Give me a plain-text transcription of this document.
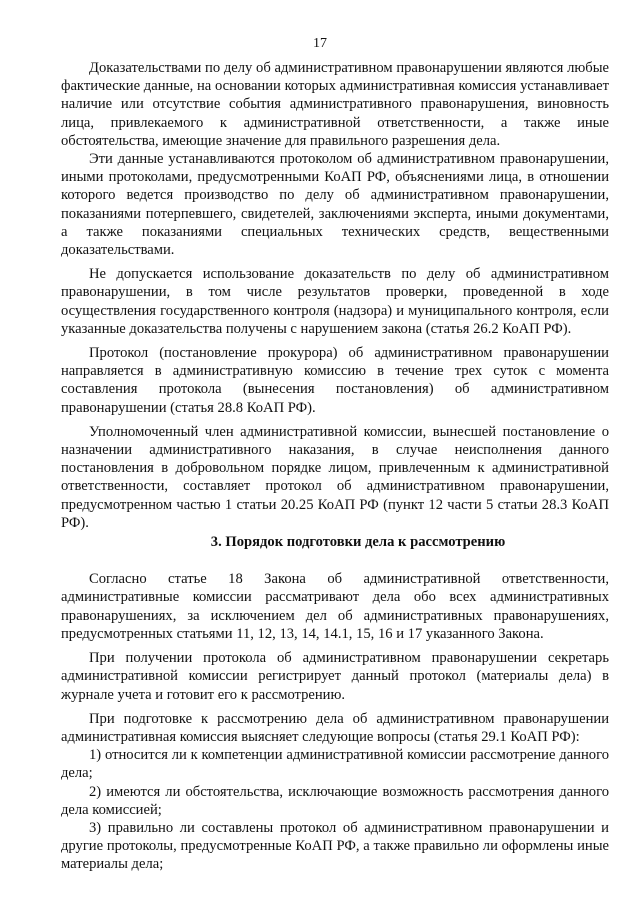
17

Доказательствами по делу об административном правонарушении являются любые фактические данные, на основании которых административная комиссия устанавливает наличие или отсутствие события административного правонарушения, виновность лица, привлекаемого к административной ответственности, а также иные обстоятельства, имеющие значение для правильного разрешения дела.

Эти данные устанавливаются протоколом об административном правонарушении, иными протоколами, предусмотренными КоАП РФ, объяснениями лица, в отношении которого ведется производство по делу об административном правонарушении, показаниями потерпевшего, свидетелей, заключениями эксперта, иными документами, а также показаниями специальных технических средств, вещественными доказательствами.

Не допускается использование доказательств по делу об административном правонарушении, в том числе результатов проверки, проведенной в ходе осуществления государственного контроля (надзора) и муниципального контроля, если указанные доказательства получены с нарушением закона (статья 26.2 КоАП РФ).

Протокол (постановление прокурора) об административном правонарушении направляется в административную комиссию в течение трех суток с момента составления протокола (вынесения постановления) об административном правонарушении (статья 28.8 КоАП РФ).

Уполномоченный член административной комиссии, вынесшей постановление о назначении административного наказания, в случае неисполнения данного постановления в добровольном порядке лицом, привлеченным к административной ответственности, составляет протокол об административном правонарушении, предусмотренном частью 1 статьи 20.25 КоАП РФ (пункт 12 части 5 статьи 28.3 КоАП РФ).

3. Порядок подготовки дела к рассмотрению

Согласно статье 18 Закона об административной ответственности, административные комиссии рассматривают дела обо всех административных правонарушениях, за исключением дел об административных правонарушениях, предусмотренных статьями 11, 12, 13, 14, 14.1, 15, 16 и 17 указанного Закона.

При получении протокола об административном правонарушении секретарь административной комиссии регистрирует данный протокол (материалы дела) в журнале учета и готовит его к рассмотрению.

При подготовке к рассмотрению дела об административном правонарушении административная комиссия выясняет следующие вопросы (статья 29.1 КоАП РФ):

1) относится ли к компетенции административной комиссии рассмотрение данного дела;

2) имеются ли обстоятельства, исключающие возможность рассмотрения данного дела комиссией;

3) правильно ли составлены протокол об административном правонарушении и другие протоколы, предусмотренные КоАП РФ, а также правильно ли оформлены иные материалы дела;
